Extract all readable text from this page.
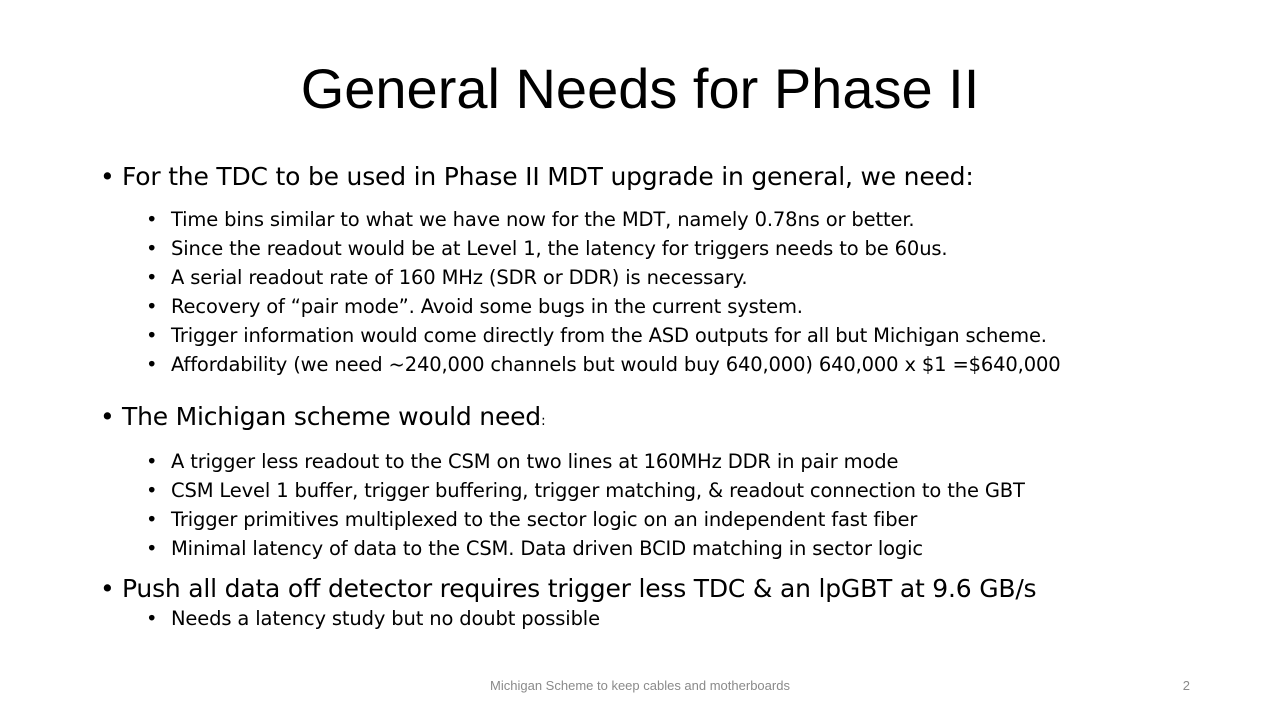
General Needs for Phase II
• For the TDC to be used in Phase II MDT upgrade in general, we need:
• Time bins similar to what we have now for the MDT, namely 0.78ns or better.
• Since the readout would be at Level 1, the latency for triggers needs to be 60us.
• A serial readout rate of 160 MHz (SDR or DDR) is necessary.
• Recovery of “pair mode”. Avoid some bugs in the current system.
• Trigger information would come directly from the ASD outputs for all but Michigan scheme.
• Affordability (we need ~240,000 channels but would buy 640,000) 640,000 x $1 =$640,000
• The Michigan scheme would need:
• A trigger less readout to the CSM on two lines at 160MHz DDR in pair mode
• CSM Level 1 buffer, trigger buffering, trigger matching, & readout connection to the GBT
• Trigger primitives multiplexed to the sector logic on an independent fast fiber
• Minimal latency of data to the CSM. Data driven BCID matching in sector logic
• Push all data off detector requires trigger less TDC & an lpGBT at 9.6 GB/s
• Needs a latency study but no doubt possible
Michigan Scheme to keep cables and motherboards	2
